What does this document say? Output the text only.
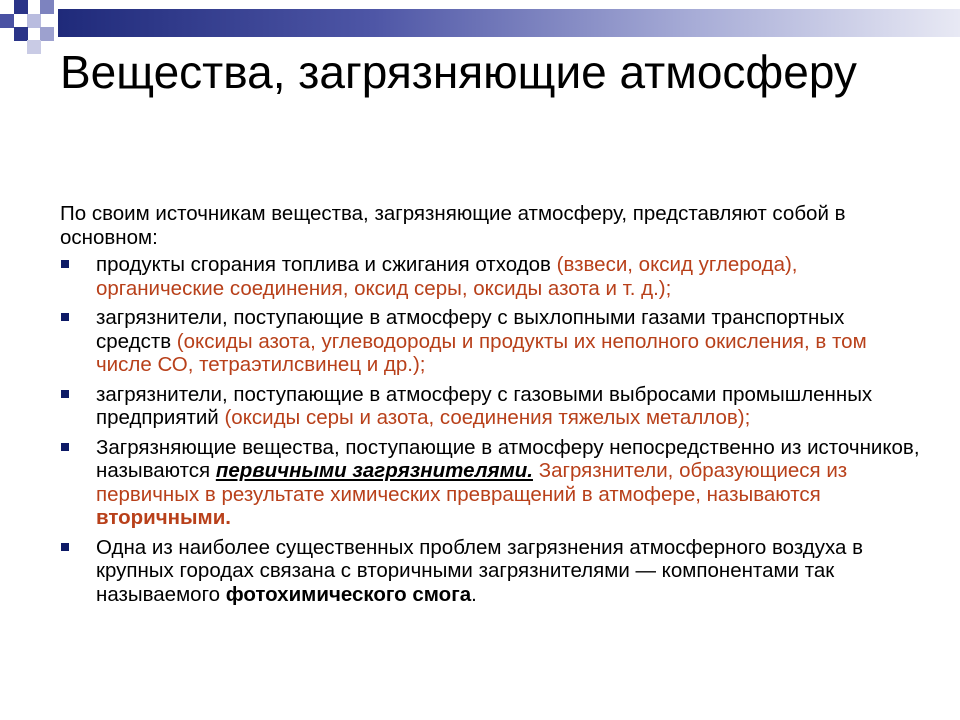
Вещества, загрязняющие атмосферу

По своим источникам вещества, загрязняющие атмосферу, представляют собой в основном:

продукты сгорания топлива и сжигания отходов (взвеси, оксид углерода), органические соединения, оксид серы, оксиды азота и т. д.);
загрязнители, поступающие в атмосферу с выхлопными газами транспортных средств (оксиды азота, углеводороды и продукты их неполного окисления, в том числе СО, тетраэтилсвинец и др.);
загрязнители, поступающие в атмосферу с газовыми выбросами промышленных предприятий (оксиды серы и азота, соединения тяжелых металлов);
Загрязняющие вещества, поступающие в атмосферу непосредственно из источников, называются первичными загрязнителями. Загрязнители, образующиеся из первичных в результате химических превращений в атмофере, называются вторичными.
Одна из наиболее существенных проблем загрязнения атмосферного воздуха в крупных городах связана с вторичными загрязнителями — компонентами так называемого фотохимического смога.
